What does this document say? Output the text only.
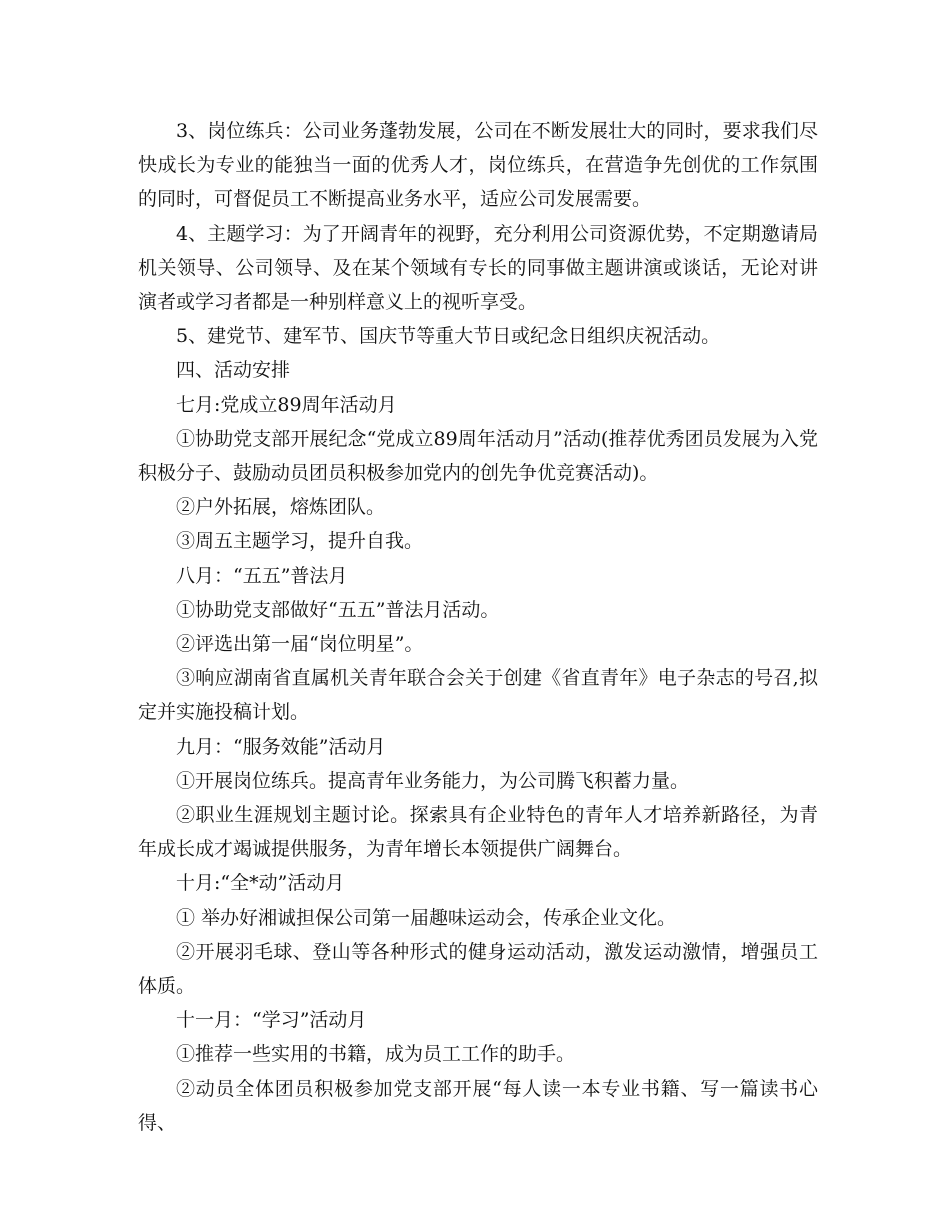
3、岗位练兵：公司业务蓬勃发展，公司在不断发展壮大的同时，要求我们尽快成长为专业的能独当一面的优秀人才，岗位练兵，在营造争先创优的工作氛围的同时，可督促员工不断提高业务水平，适应公司发展需要。

4、主题学习：为了开阔青年的视野，充分利用公司资源优势，不定期邀请局机关领导、公司领导、及在某个领域有专长的同事做主题讲演或谈话，无论对讲演者或学习者都是一种别样意义上的视听享受。

5、建党节、建军节、国庆节等重大节日或纪念日组织庆祝活动。

四、活动安排

七月:党成立89周年活动月

①协助党支部开展纪念“党成立89周年活动月”活动(推荐优秀团员发展为入党积极分子、鼓励动员团员积极参加党内的创先争优竞赛活动)。

②户外拓展，熔炼团队。

③周五主题学习，提升自我。

八月：“五五”普法月

①协助党支部做好“五五”普法月活动。

②评选出第一届“岗位明星”。

③响应湖南省直属机关青年联合会关于创建《省直青年》电子杂志的号召,拟定并实施投稿计划。

九月：“服务效能”活动月

①开展岗位练兵。提高青年业务能力，为公司腾飞积蓄力量。

②职业生涯规划主题讨论。探索具有企业特色的青年人才培养新路径，为青年成长成才竭诚提供服务，为青年增长本领提供广阔舞台。

十月:“全*动”活动月

① 举办好湘诚担保公司第一届趣味运动会，传承企业文化。

②开展羽毛球、登山等各种形式的健身运动活动，激发运动激情，增强员工体质。

十一月：“学习”活动月

①推荐一些实用的书籍，成为员工工作的助手。

②动员全体团员积极参加党支部开展“每人读一本专业书籍、写一篇读书心得、
